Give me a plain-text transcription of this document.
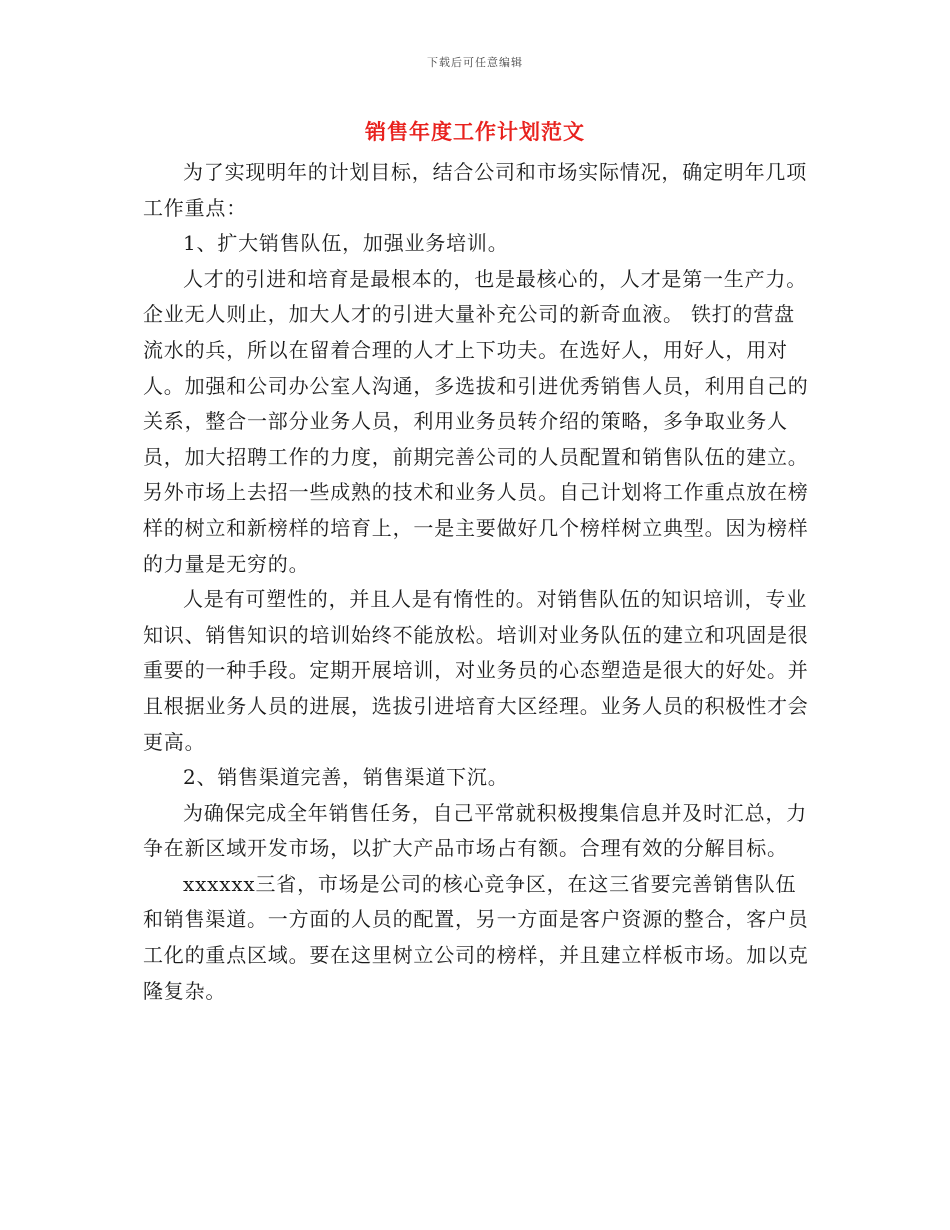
下载后可任意编辑
销售年度工作计划范文

为了实现明年的计划目标，结合公司和市场实际情况，确定明年几项工作重点：

1、扩大销售队伍，加强业务培训。

人才的引进和培育是最根本的，也是最核心的，人才是第一生产力。企业无人则止，加大人才的引进大量补充公司的新奇血液。 铁打的营盘流水的兵，所以在留着合理的人才上下功夫。在选好人，用好人，用对人。加强和公司办公室人沟通，多选拔和引进优秀销售人员，利用自己的关系，整合一部分业务人员，利用业务员转介绍的策略，多争取业务人员，加大招聘工作的力度，前期完善公司的人员配置和销售队伍的建立。另外市场上去招一些成熟的技术和业务人员。自己计划将工作重点放在榜样的树立和新榜样的培育上，一是主要做好几个榜样树立典型。因为榜样的力量是无穷的。

人是有可塑性的，并且人是有惰性的。对销售队伍的知识培训，专业知识、销售知识的培训始终不能放松。培训对业务队伍的建立和巩固是很重要的一种手段。定期开展培训，对业务员的心态塑造是很大的好处。并且根据业务人员的进展，选拔引进培育大区经理。业务人员的积极性才会更高。

2、销售渠道完善，销售渠道下沉。

为确保完成全年销售任务，自己平常就积极搜集信息并及时汇总，力争在新区域开发市场，以扩大产品市场占有额。合理有效的分解目标。

xxxxxx三省，市场是公司的核心竞争区，在这三省要完善销售队伍和销售渠道。一方面的人员的配置，另一方面是客户资源的整合，客户员工化的重点区域。要在这里树立公司的榜样，并且建立样板市场。加以克隆复杂。
